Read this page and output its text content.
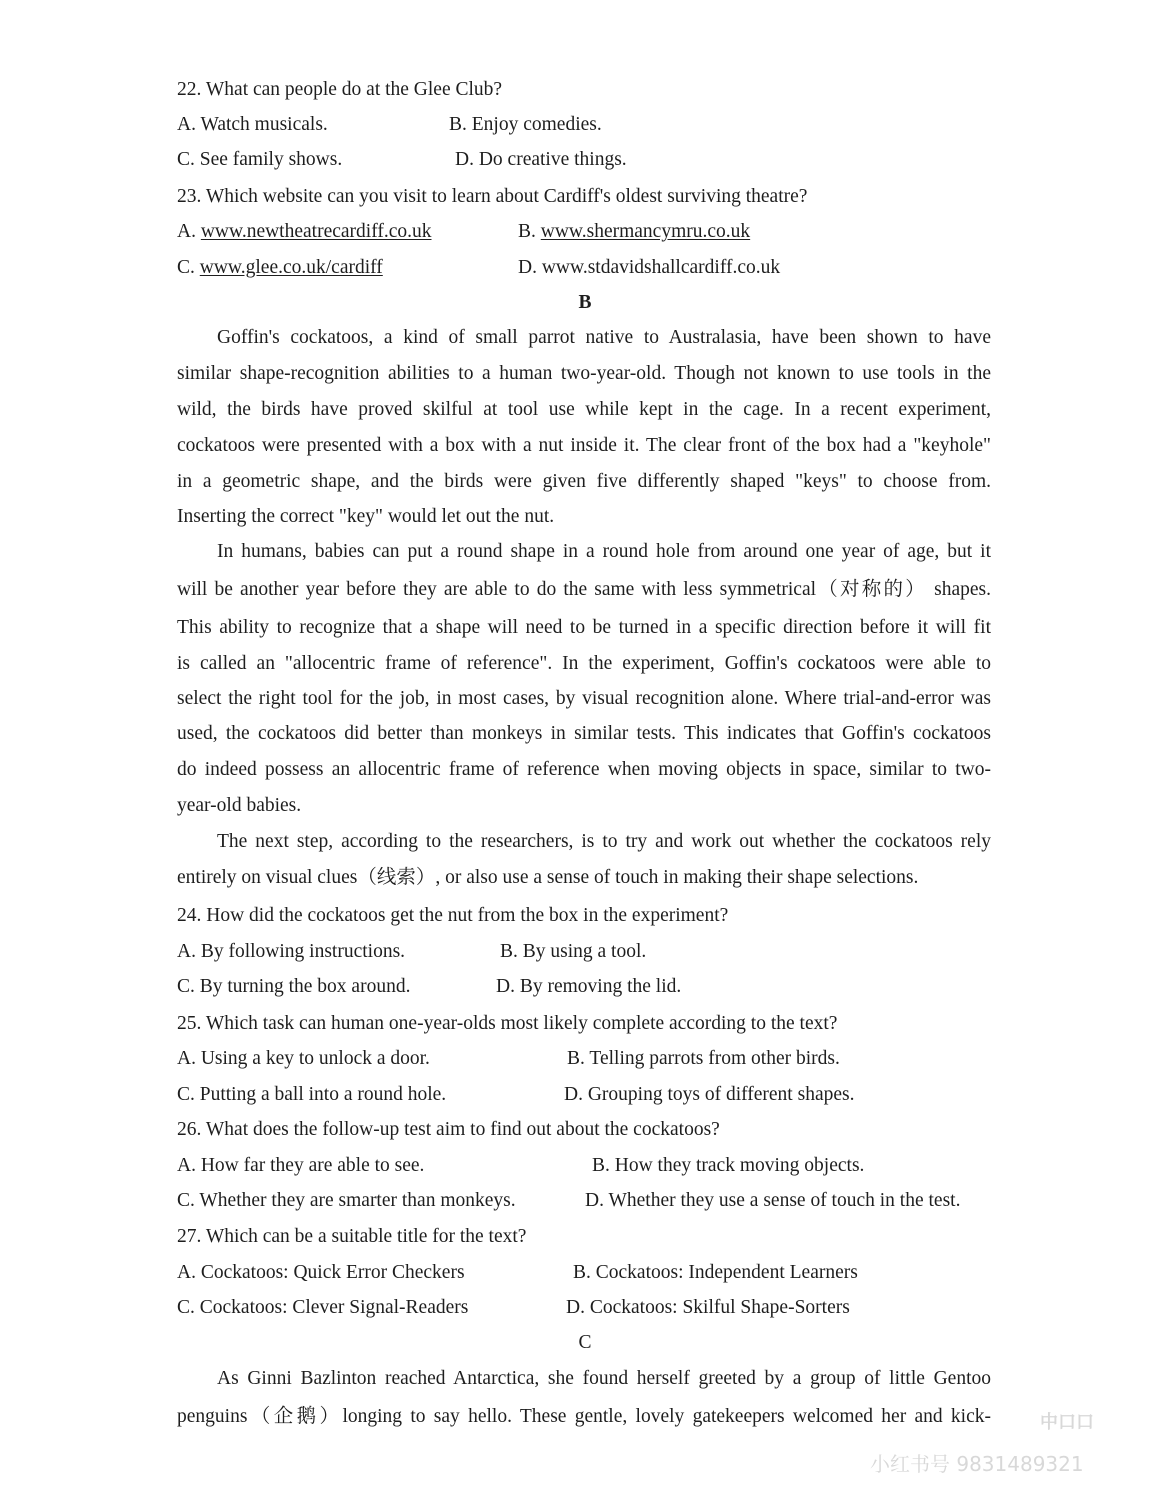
22. What can people do at the Glee Club?
A. Watch musicals.	B. Enjoy comedies.
C. See family shows.	D. Do creative things.
23. Which website can you visit to learn about Cardiff's oldest surviving theatre?
A. www.newtheatrecardiff.co.uk	B. www.shermancymru.co.uk
C. www.glee.co.uk/cardiff	D. www.stdavidshallcardiff.co.uk
B
Goffin's cockatoos, a kind of small parrot native to Australasia, have been shown to have
similar shape-recognition abilities to a human two-year-old. Though not known to use tools in the
wild, the birds have proved skilful at tool use while kept in the cage. In a recent experiment,
cockatoos were presented with a box with a nut inside it. The clear front of the box had a "keyhole"
in a geometric shape, and the birds were given five differently shaped "keys" to choose from.
Inserting the correct "key" would let out the nut.
In humans, babies can put a round shape in a round hole from around one year of age, but it
will be another year before they are able to do the same with less symmetrical（对称的） shapes.
This ability to recognize that a shape will need to be turned in a specific direction before it will fit
is called an "allocentric frame of reference". In the experiment, Goffin's cockatoos were able to
select the right tool for the job, in most cases, by visual recognition alone. Where trial-and-error was
used, the cockatoos did better than monkeys in similar tests. This indicates that Goffin's cockatoos
do indeed possess an allocentric frame of reference when moving objects in space, similar to two-
year-old babies.
The next step, according to the researchers, is to try and work out whether the cockatoos rely
entirely on visual clues（线索）, or also use a sense of touch in making their shape selections.
24. How did the cockatoos get the nut from the box in the experiment?
A. By following instructions.	B. By using a tool.
C. By turning the box around.	D. By removing the lid.
25. Which task can human one-year-olds most likely complete according to the text?
A. Using a key to unlock a door.	B. Telling parrots from other birds.
C. Putting a ball into a round hole.	D. Grouping toys of different shapes.
26. What does the follow-up test aim to find out about the cockatoos?
A. How far they are able to see.	B. How they track moving objects.
C. Whether they are smarter than monkeys.	D. Whether they use a sense of touch in the test.
27. Which can be a suitable title for the text?
A. Cockatoos: Quick Error Checkers	B. Cockatoos: Independent Learners
C. Cockatoos: Clever Signal-Readers	D. Cockatoos: Skilful Shape-Sorters
C
As Ginni Bazlinton reached Antarctica, she found herself greeted by a group of little Gentoo
penguins（企鹅）longing to say hello. These gentle, lovely gatekeepers welcomed her and kick-	中口口
小红书号 9831489321
